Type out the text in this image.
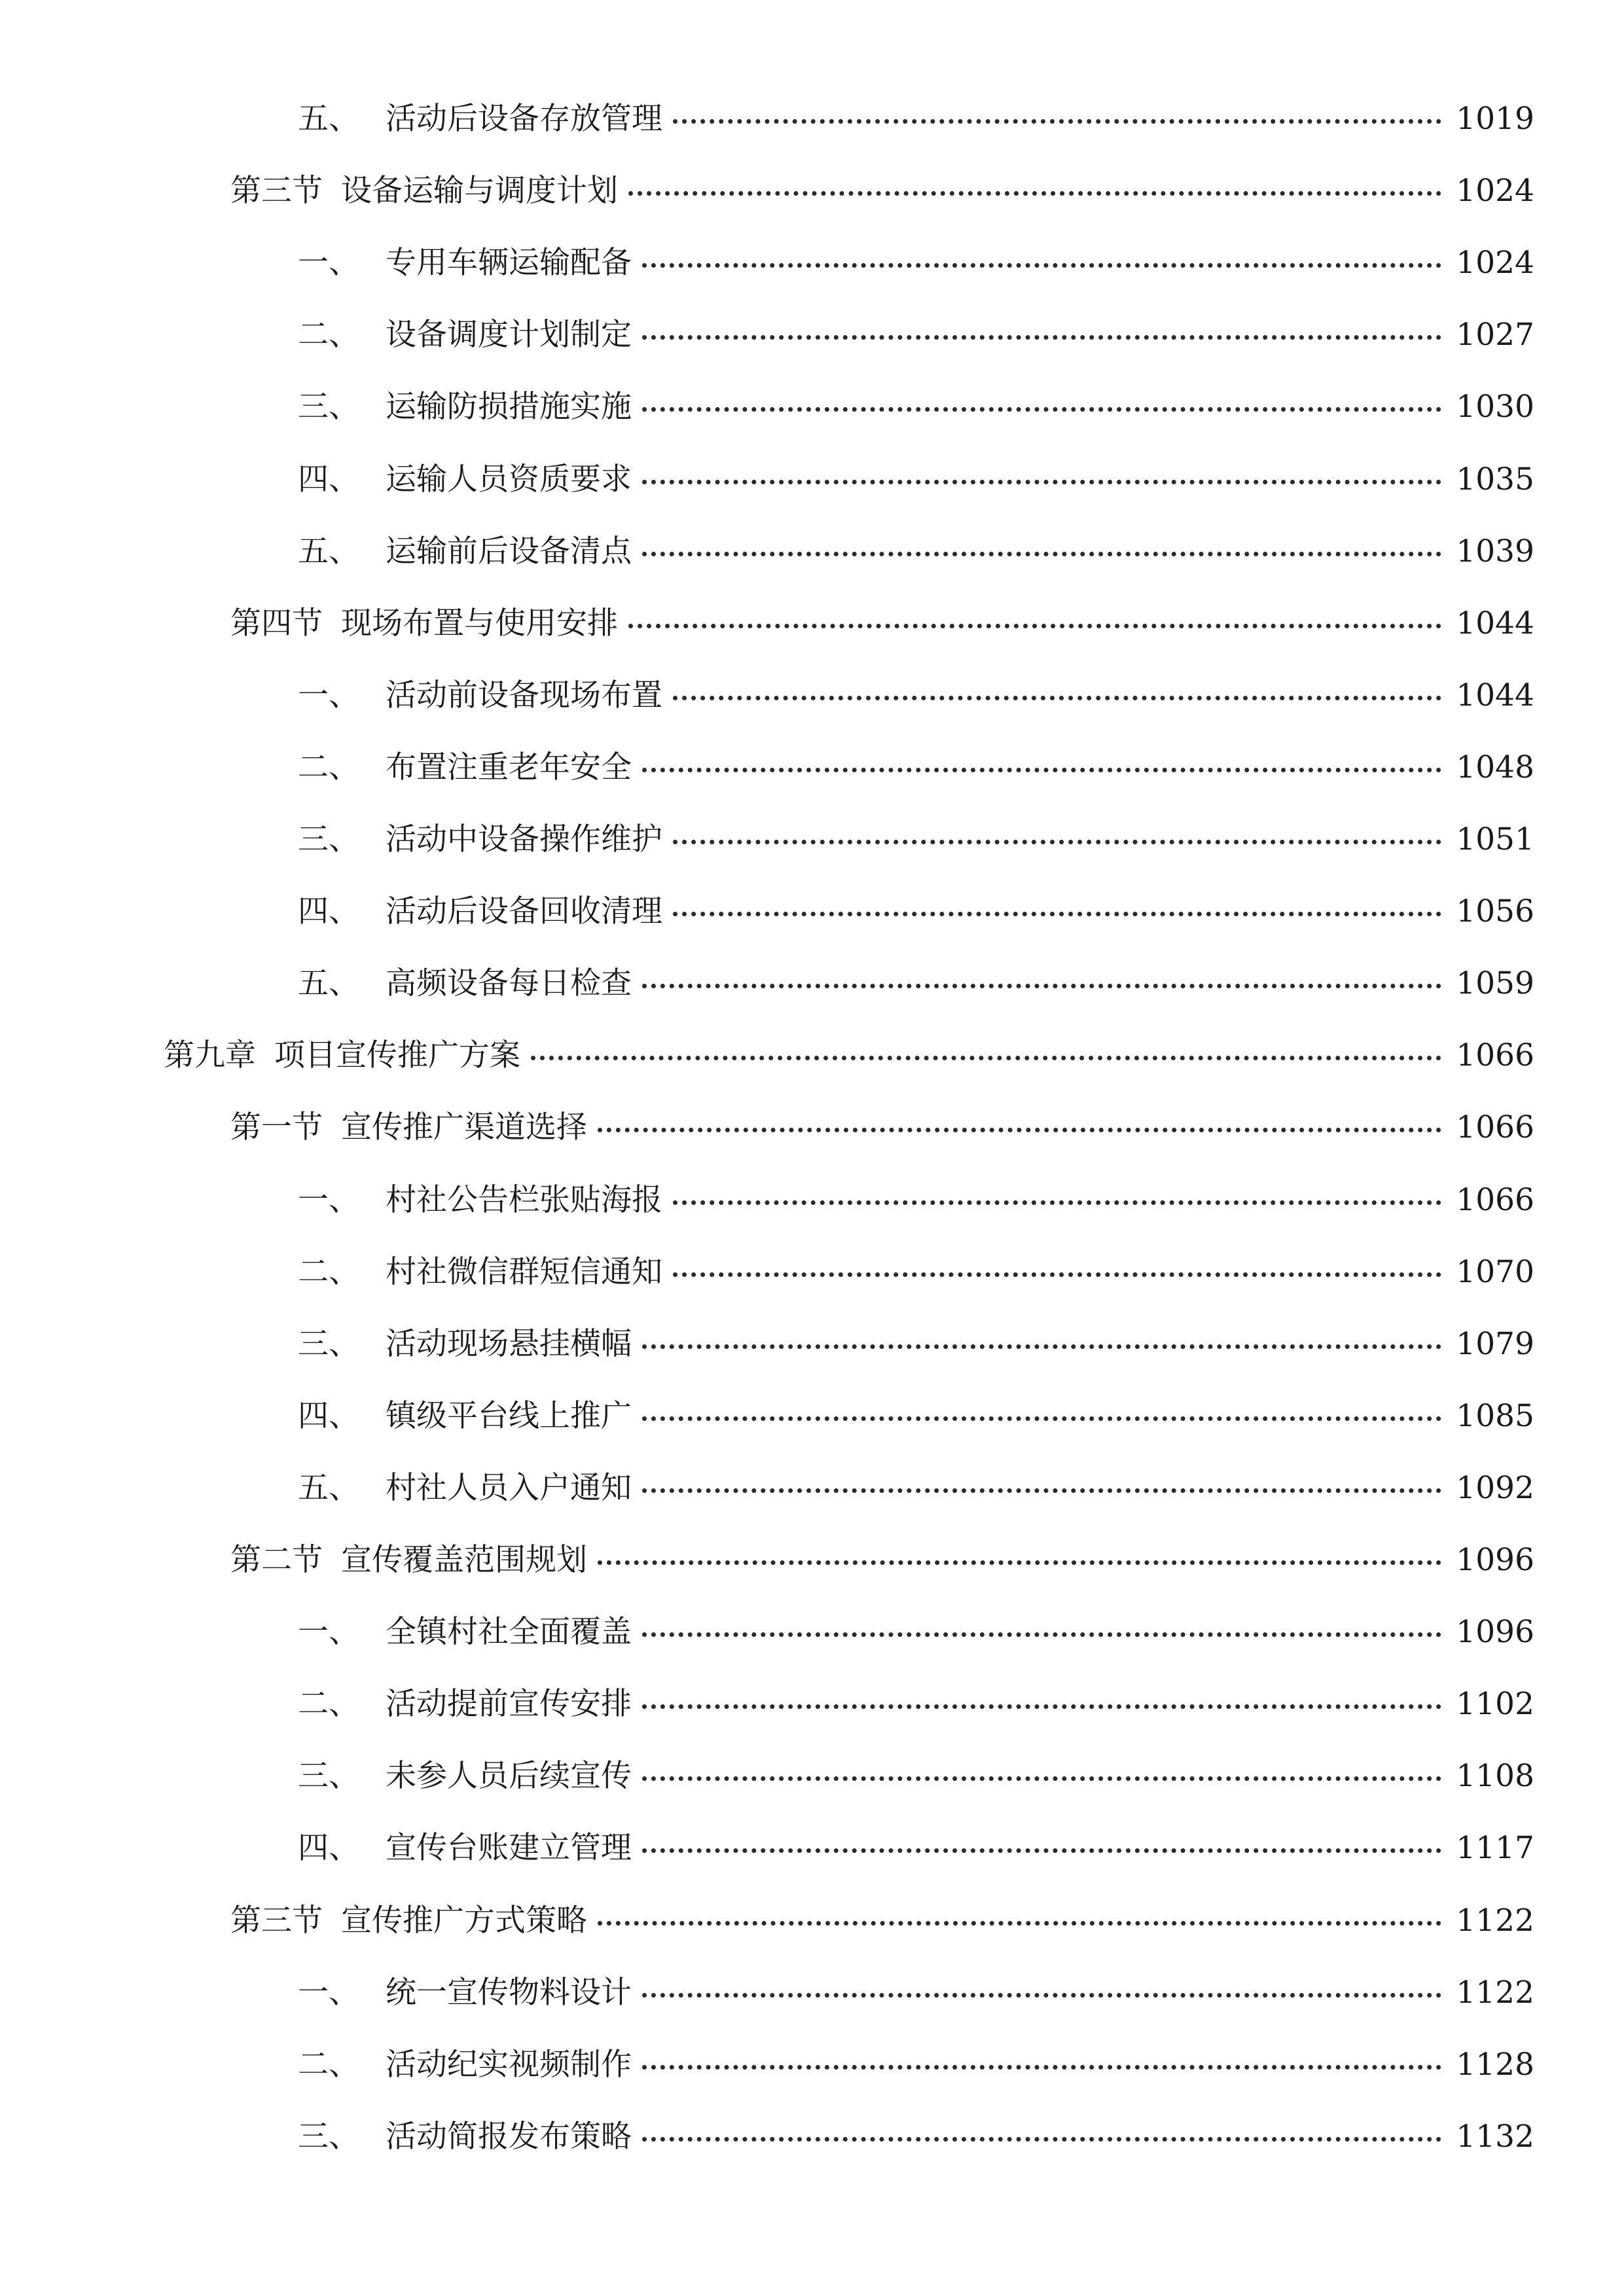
五、 活动后设备存放管理	1019
第三节 设备运输与调度计划	1024
一、 专用车辆运输配备	1024
二、 设备调度计划制定	1027
三、 运输防损措施实施	1030
四、 运输人员资质要求	1035
五、 运输前后设备清点	1039
第四节 现场布置与使用安排	1044
一、 活动前设备现场布置	1044
二、 布置注重老年安全	1048
三、 活动中设备操作维护	1051
四、 活动后设备回收清理	1056
五、 高频设备每日检查	1059
第九章 项目宣传推广方案	1066
第一节 宣传推广渠道选择	1066
一、 村社公告栏张贴海报	1066
二、 村社微信群短信通知	1070
三、 活动现场悬挂横幅	1079
四、 镇级平台线上推广	1085
五、 村社人员入户通知	1092
第二节 宣传覆盖范围规划	1096
一、 全镇村社全面覆盖	1096
二、 活动提前宣传安排	1102
三、 未参人员后续宣传	1108
四、 宣传台账建立管理	1117
第三节 宣传推广方式策略	1122
一、 统一宣传物料设计	1122
二、 活动纪实视频制作	1128
三、 活动简报发布策略	1132
